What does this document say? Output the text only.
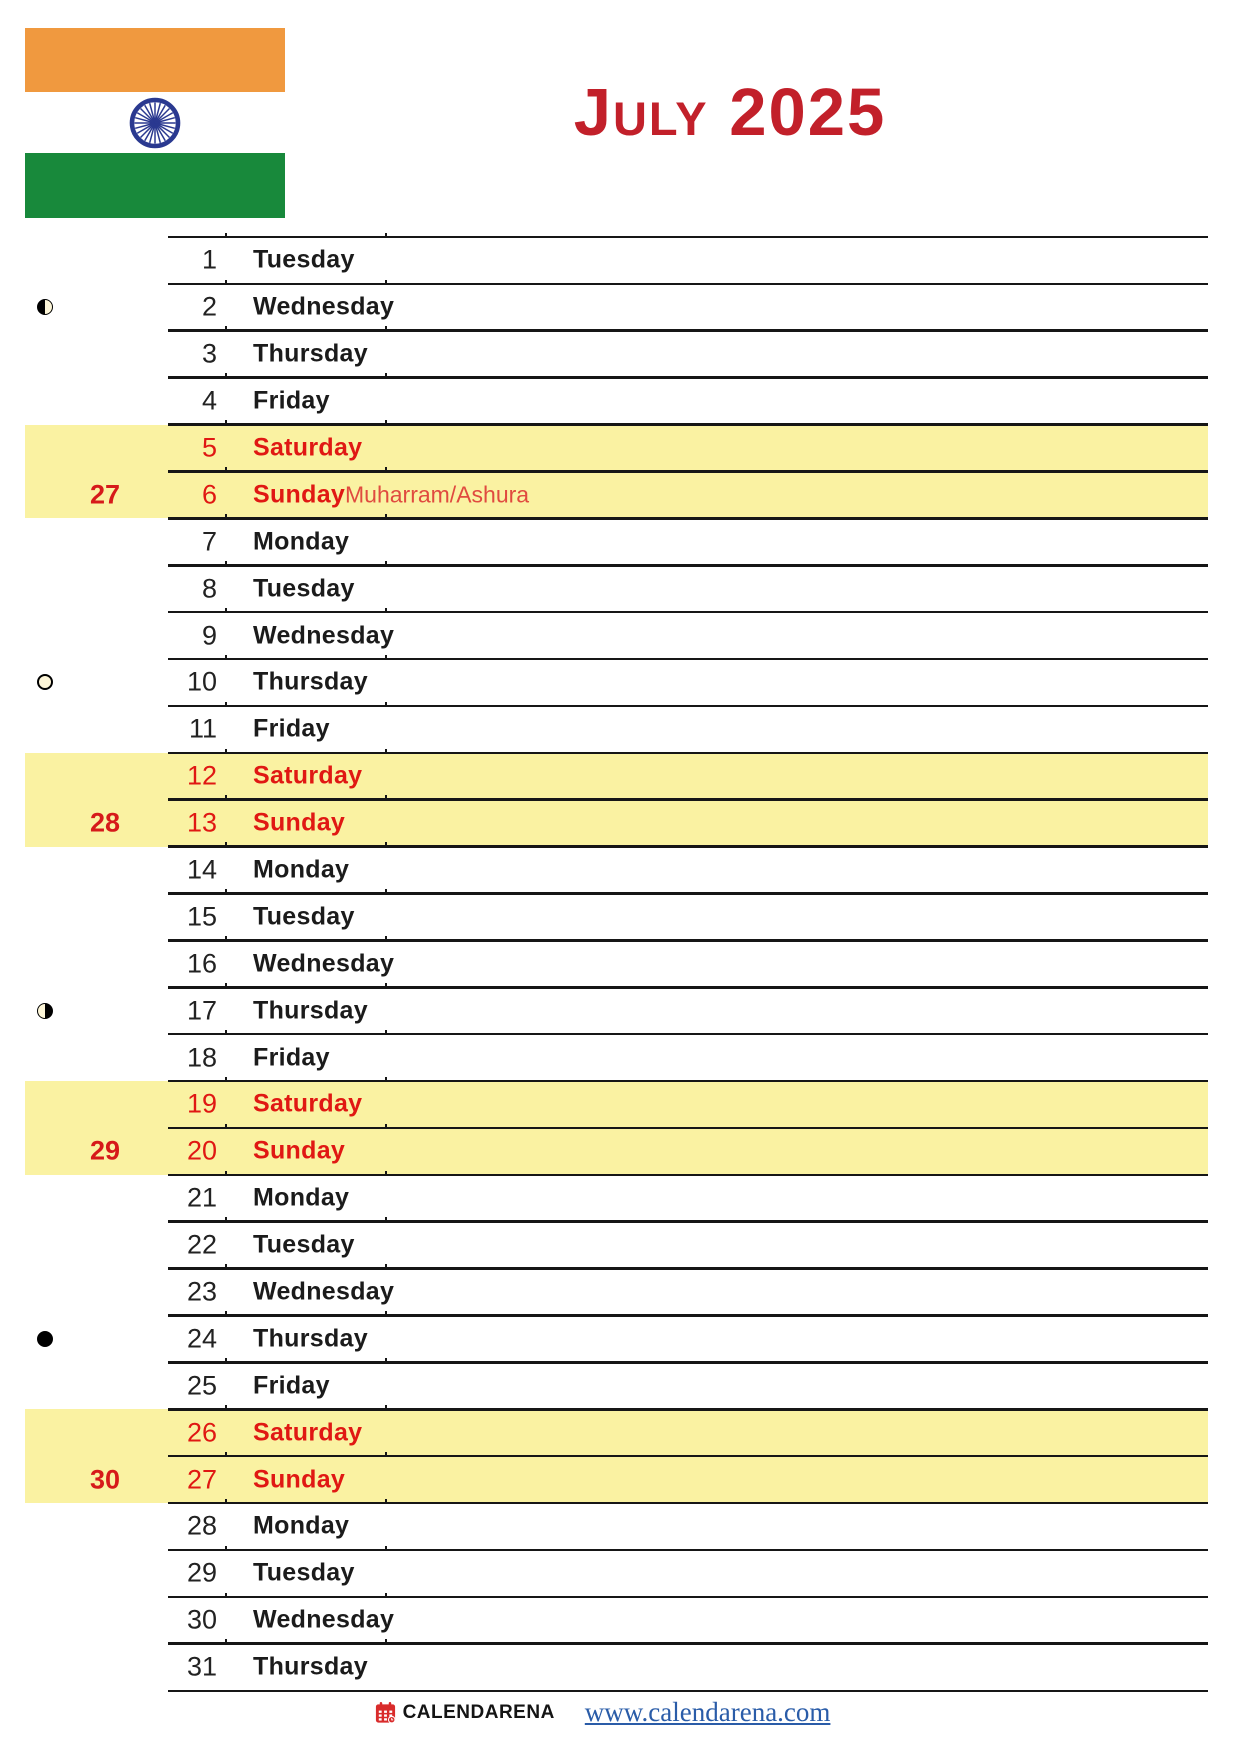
July 2025
1 Tuesday
2 Wednesday
3 Thursday
4 Friday
5 Saturday
27	6 Sunday Muharram/Ashura
7 Monday
8 Tuesday
9 Wednesday
10 Thursday
11 Friday
12 Saturday
28	13 Sunday
14 Monday
15 Tuesday
16 Wednesday
17 Thursday
18 Friday
19 Saturday
29	20 Sunday
21 Monday
22 Tuesday
23 Wednesday
24 Thursday
25 Friday
26 Saturday
30	27 Sunday
28 Monday
29 Tuesday
30 Wednesday
31 Thursday
CALENDARENA www.calendarena.com
